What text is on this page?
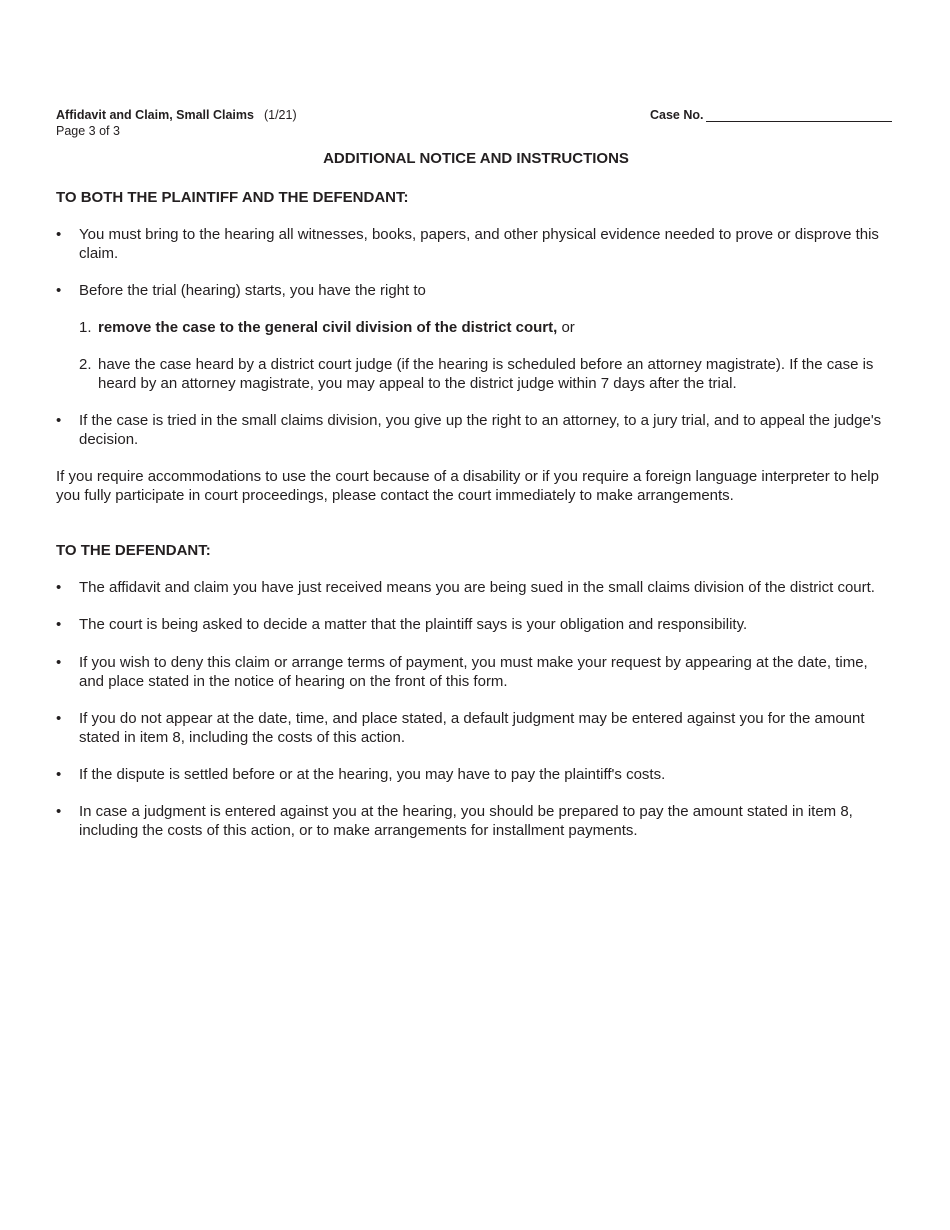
Affidavit and Claim, Small Claims (1/21)
Page 3 of 3
Case No.
ADDITIONAL NOTICE AND INSTRUCTIONS
TO BOTH THE PLAINTIFF AND THE DEFENDANT:
• You must bring to the hearing all witnesses, books, papers, and other physical evidence needed to prove or disprove this claim.
• Before the trial (hearing) starts, you have the right to
1. remove the case to the general civil division of the district court, or
2. have the case heard by a district court judge (if the hearing is scheduled before an attorney magistrate). If the case is heard by an attorney magistrate, you may appeal to the district judge within 7 days after the trial.
• If the case is tried in the small claims division, you give up the right to an attorney, to a jury trial, and to appeal the judge's decision.
If you require accommodations to use the court because of a disability or if you require a foreign language interpreter to help you fully participate in court proceedings, please contact the court immediately to make arrangements.
TO THE DEFENDANT:
• The affidavit and claim you have just received means you are being sued in the small claims division of the district court.
• The court is being asked to decide a matter that the plaintiff says is your obligation and responsibility.
• If you wish to deny this claim or arrange terms of payment, you must make your request by appearing at the date, time, and place stated in the notice of hearing on the front of this form.
• If you do not appear at the date, time, and place stated, a default judgment may be entered against you for the amount stated in item 8, including the costs of this action.
• If the dispute is settled before or at the hearing, you may have to pay the plaintiff's costs.
• In case a judgment is entered against you at the hearing, you should be prepared to pay the amount stated in item 8, including the costs of this action, or to make arrangements for installment payments.
